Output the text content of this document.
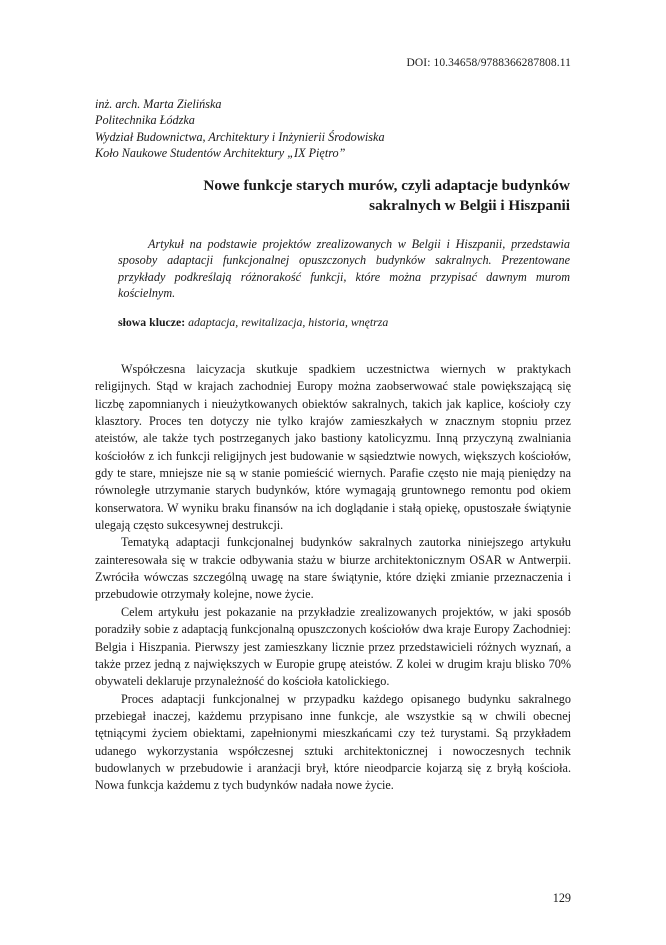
DOI: 10.34658/9788366287808.11
inż. arch. Marta Zielińska
Politechnika Łódzka
Wydział Budownictwa, Architektury i Inżynierii Środowiska
Koło Naukowe Studentów Architektury „IX Piętro”
Nowe funkcje starych murów, czyli adaptacje budynków sakralnych w Belgii i Hiszpanii
Artykuł na podstawie projektów zrealizowanych w Belgii i Hiszpanii, przedstawia sposoby adaptacji funkcjonalnej opuszczonych budynków sakralnych. Prezentowane przykłady podkreślają różnorakość funkcji, które można przypisać dawnym murom kościelnym.
słowa klucze: adaptacja, rewitalizacja, historia, wnętrza

Współczesna laicyzacja skutkuje spadkiem uczestnictwa wiernych w praktykach religijnych. Stąd w krajach zachodniej Europy można zaobserwować stale powiększającą się liczbę zapomnianych i nieużytkowanych obiektów sakralnych, takich jak kaplice, kościoły czy klasztory. Proces ten dotyczy nie tylko krajów zamieszkałych w znacznym stopniu przez ateistów, ale także tych postrzeganych jako bastiony katolicyzmu. Inną przyczyną zwalniania kościołów z ich funkcji religijnych jest budowanie w sąsiedztwie nowych, większych kościołów, gdy te stare, mniejsze nie są w stanie pomieścić wiernych. Parafie często nie mają pieniędzy na równoległe utrzymanie starych budynków, które wymagają gruntownego remontu pod okiem konserwatora. W wyniku braku finansów na ich doglądanie i stałą opiekę, opustoszałe świątynie ulegają często sukcesywnej destrukcji.

Tematyką adaptacji funkcjonalnej budynków sakralnych zautorka niniejszego artykułu zainteresowała się w trakcie odbywania stażu w biurze architektonicznym OSAR w Antwerpii. Zwróciła wówczas szczególną uwagę na stare świątynie, które dzięki zmianie przeznaczenia i przebudowie otrzymały kolejne, nowe życie.

Celem artykułu jest pokazanie na przykładzie zrealizowanych projektów, w jaki sposób poradziły sobie z adaptacją funkcjonalną opuszczonych kościołów dwa kraje Europy Zachodniej: Belgia i Hiszpania. Pierwszy jest zamieszkany licznie przez przedstawicieli różnych wyznań, a także przez jedną z największych w Europie grupę ateistów. Z kolei w drugim kraju blisko 70% obywateli deklaruje przynależność do kościoła katolickiego.

Proces adaptacji funkcjonalnej w przypadku każdego opisanego budynku sakralnego przebiegał inaczej, każdemu przypisano inne funkcje, ale wszystkie są w chwili obecnej tętniącymi życiem obiektami, zapełnionymi mieszkańcami czy też turystami. Są przykładem udanego wykorzystania współczesnej sztuki architektonicznej i nowoczesnych technik budowlanych w przebudowie i aranżacji brył, które nieodparcie kojarzą się z bryłą kościoła. Nowa funkcja każdemu z tych budynków nadała nowe życie.

129
